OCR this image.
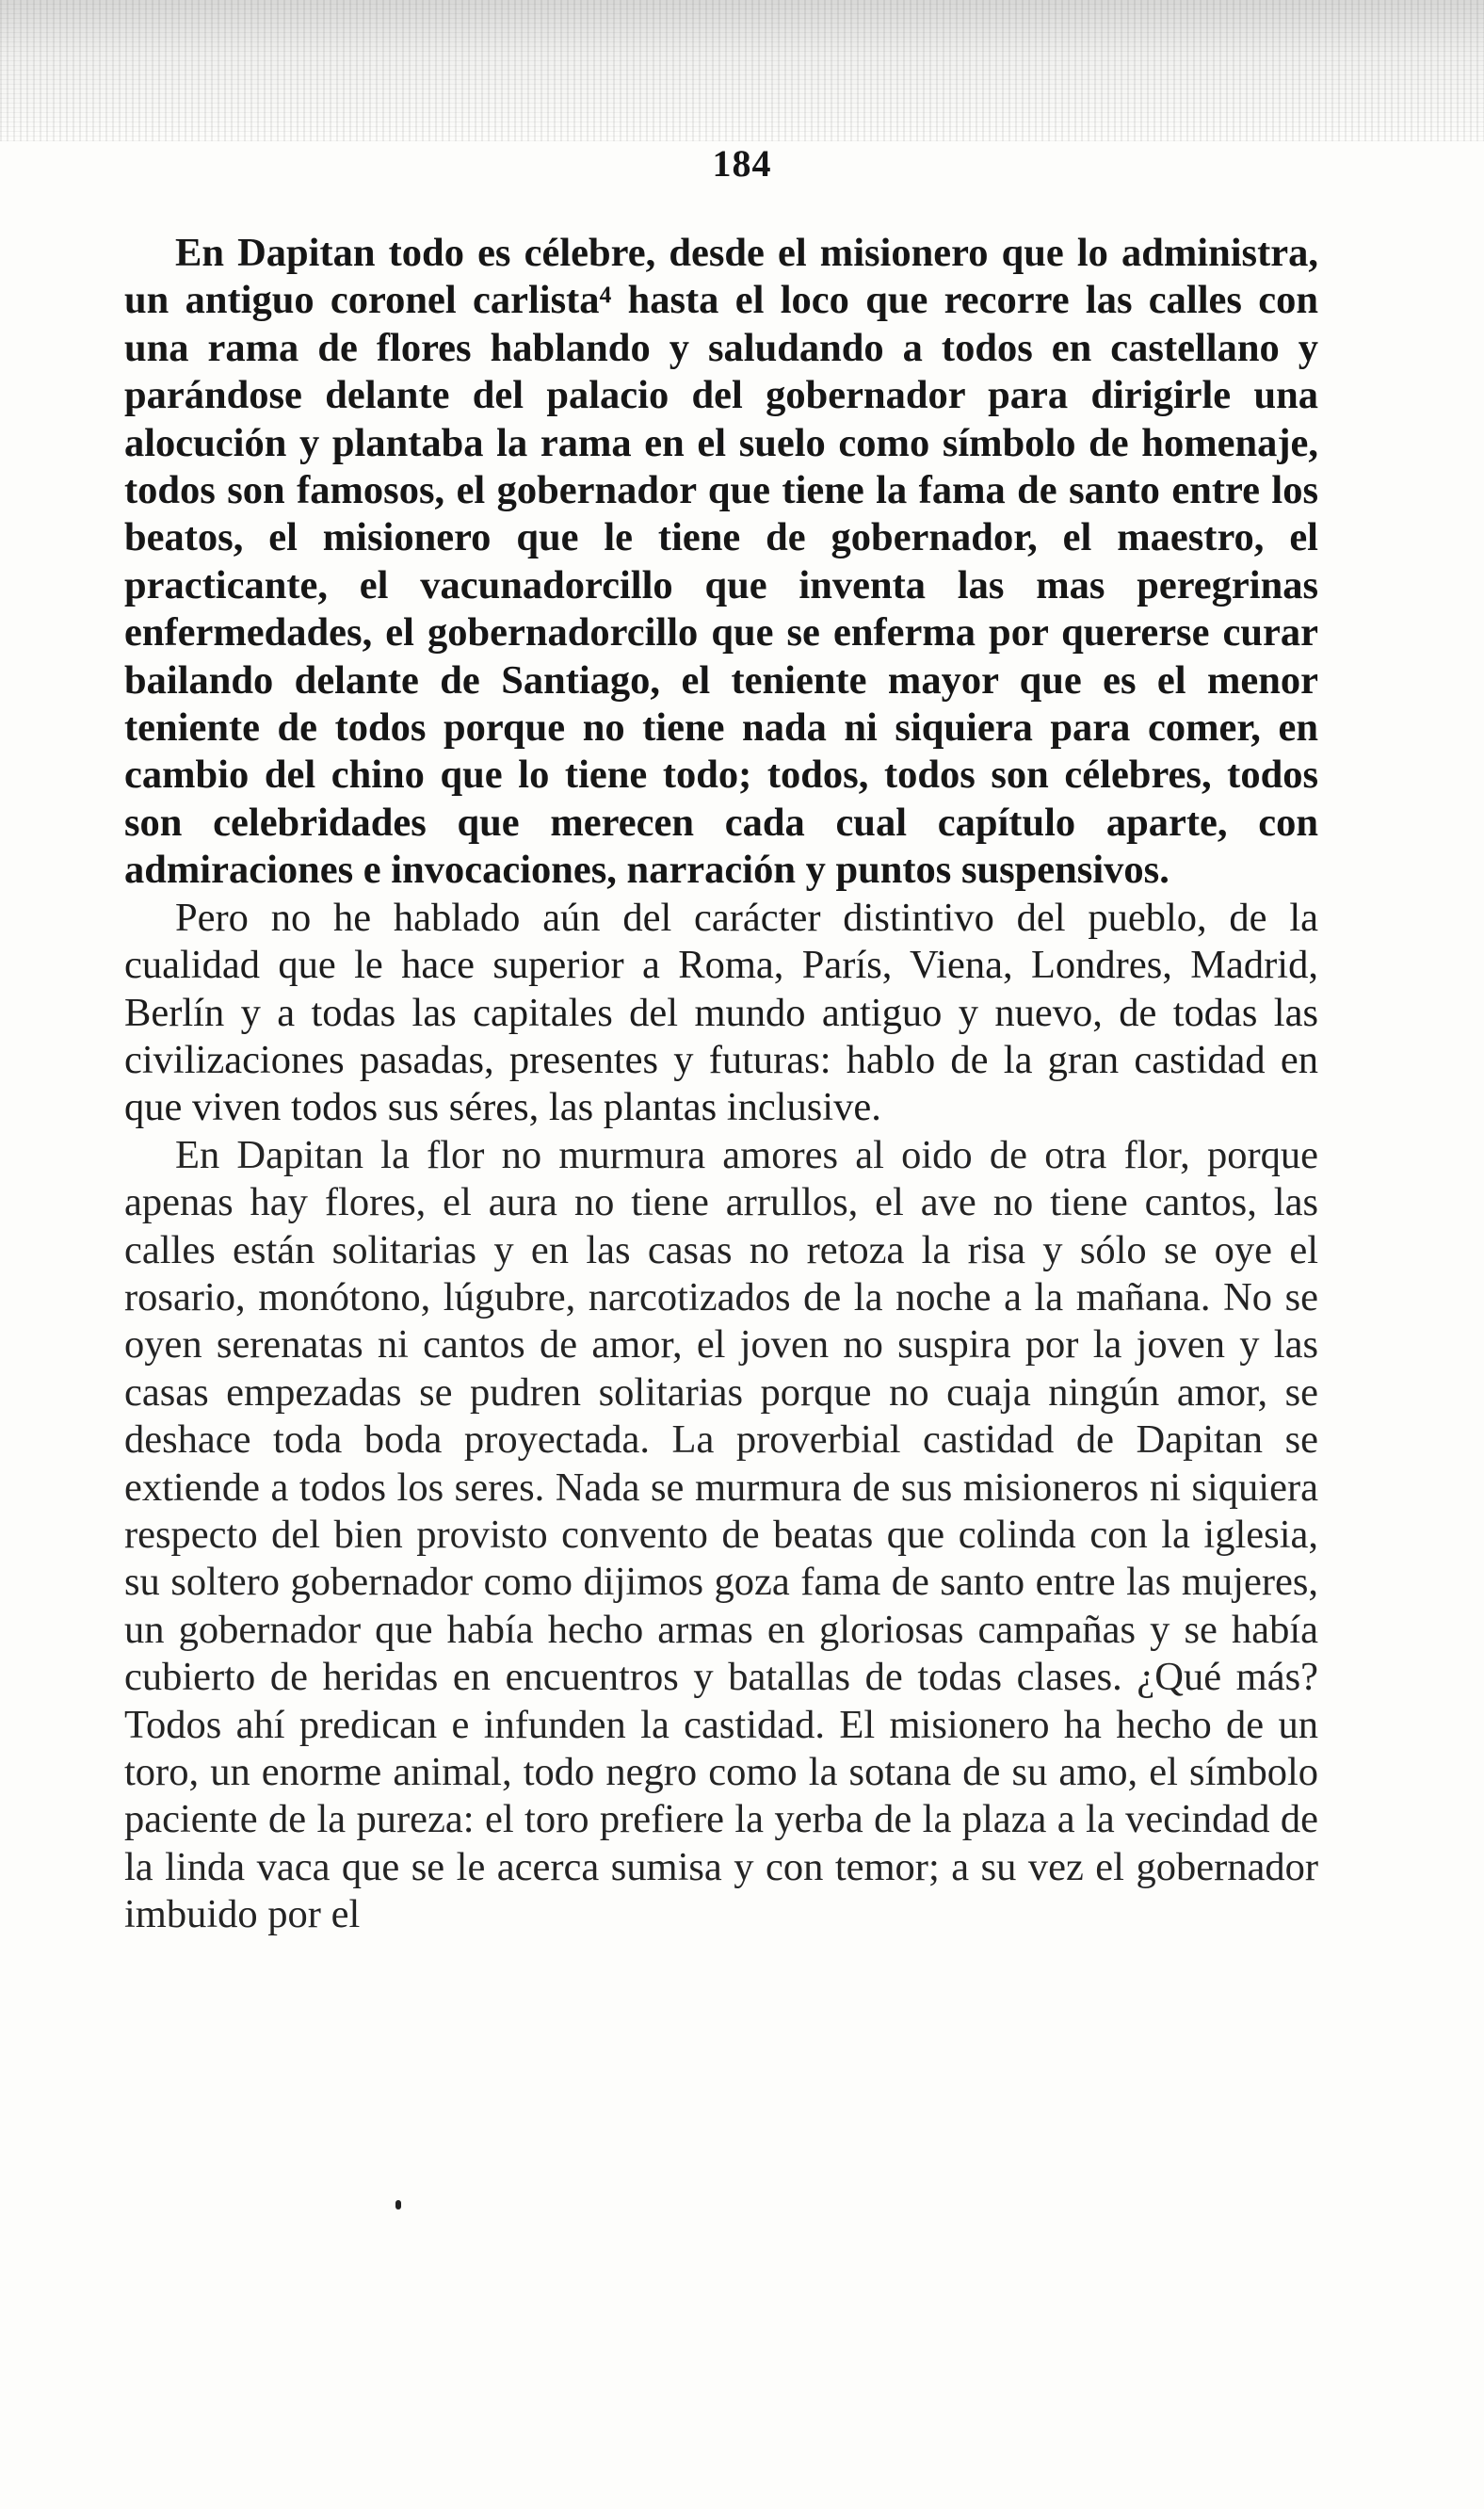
184

En Dapitan todo es célebre, desde el misionero que lo administra, un antiguo coronel carlista⁴ hasta el loco que recorre las calles con una rama de flores hablando y saludando a todos en castellano y parándose delante del palacio del gobernador para dirigirle una alocución y plantaba la rama en el suelo como símbolo de homenaje, todos son famosos, el gobernador que tiene la fama de santo entre los beatos, el misionero que le tiene de gobernador, el maestro, el practicante, el vacunadorcillo que inventa las mas peregrinas enfermedades, el gobernadorcillo que se enferma por quererse curar bailando delante de Santiago, el teniente mayor que es el menor teniente de todos porque no tiene nada ni siquiera para comer, en cambio del chino que lo tiene todo; todos, todos son célebres, todos son celebridades que merecen cada cual capítulo aparte, con admiraciones e invocaciones, narración y puntos suspensivos.

Pero no he hablado aún del carácter distintivo del pueblo, de la cualidad que le hace superior a Roma, París, Viena, Londres, Madrid, Berlín y a todas las capitales del mundo antiguo y nuevo, de todas las civilizaciones pasadas, presentes y futuras: hablo de la gran castidad en que viven todos sus séres, las plantas inclusive.

En Dapitan la flor no murmura amores al oido de otra flor, porque apenas hay flores, el aura no tiene arrullos, el ave no tiene cantos, las calles están solitarias y en las casas no retoza la risa y sólo se oye el rosario, monótono, lúgubre, narcotizados de la noche a la mañana. No se oyen serenatas ni cantos de amor, el joven no suspira por la joven y las casas empezadas se pudren solitarias porque no cuaja ningún amor, se deshace toda boda proyectada. La proverbial castidad de Dapitan se extiende a todos los seres. Nada se murmura de sus misioneros ni siquiera respecto del bien provisto convento de beatas que colinda con la iglesia, su soltero gobernador como dijimos goza fama de santo entre las mujeres, un gobernador que había hecho armas en gloriosas campañas y se había cubierto de heridas en encuentros y batallas de todas clases. ¿Qué más? Todos ahí predican e infunden la castidad. El misionero ha hecho de un toro, un enorme animal, todo negro como la sotana de su amo, el símbolo paciente de la pureza: el toro prefiere la yerba de la plaza a la vecindad de la linda vaca que se le acerca sumisa y con temor; a su vez el gobernador imbuido por el
